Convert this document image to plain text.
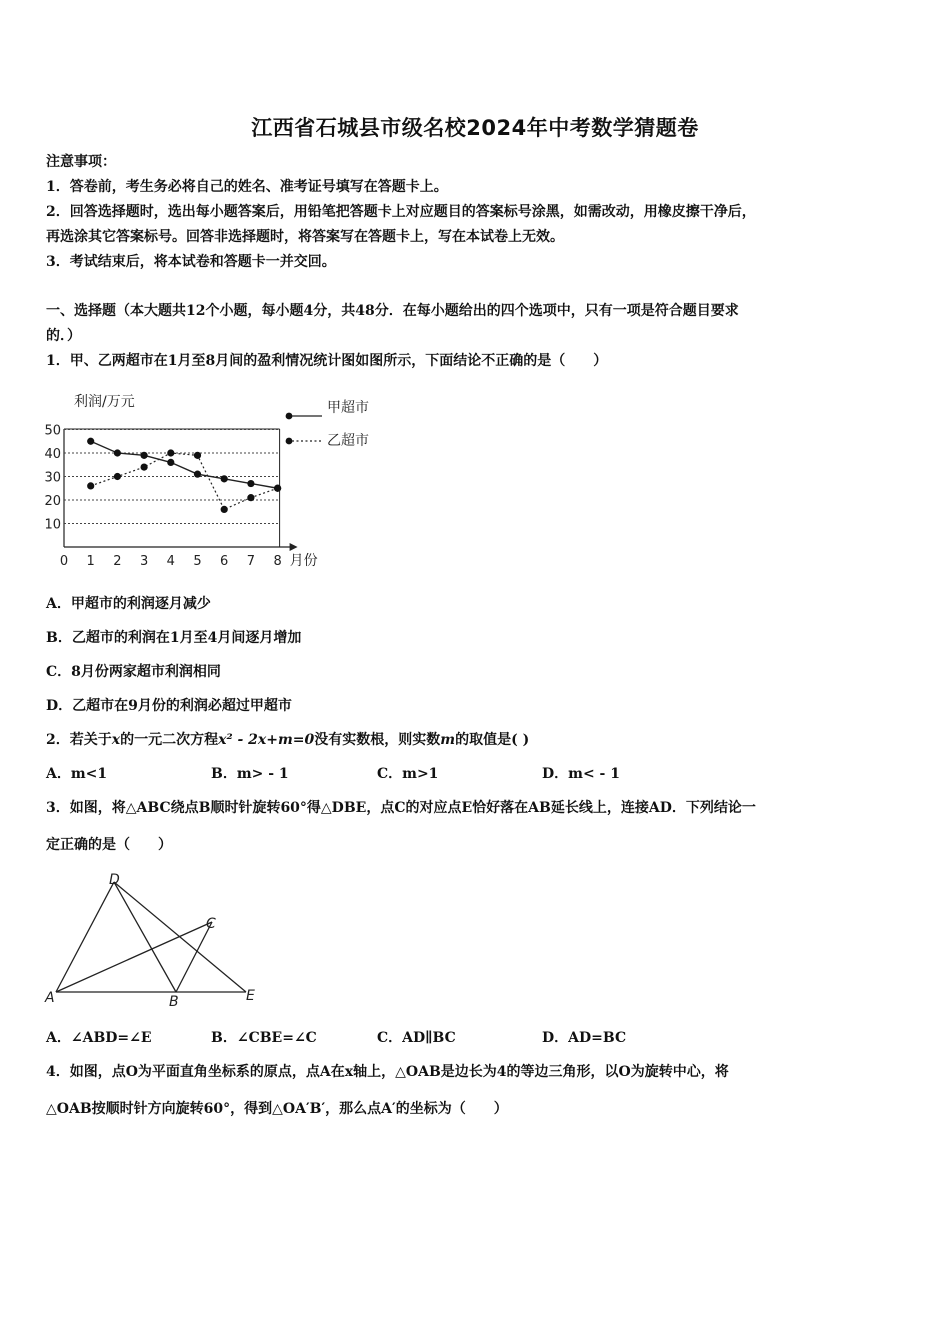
江西省石城县市级名校2024年中考数学猜题卷
注意事项：
1．答卷前，考生务必将自己的姓名、准考证号填写在答题卡上。
2．回答选择题时，选出每小题答案后，用铅笔把答题卡上对应题目的答案标号涂黑，如需改动，用橡皮擦干净后，
再选涂其它答案标号。回答非选择题时，将答案写在答题卡上，写在本试卷上无效。
3．考试结束后，将本试卷和答题卡一并交回。
一、选择题（本大题共12个小题，每小题4分，共48分．在每小题给出的四个选项中，只有一项是符合题目要求
的．）
1．甲、乙两超市在1月至8月间的盈利情况统计图如图所示，下面结论不正确的是（　　）
10
20
30
40
50
0 1 2 3 4 5 6 7 8
利润/万元
月份
甲超市
乙超市
A．甲超市的利润逐月减少
B．乙超市的利润在1月至4月间逐月增加
C．8月份两家超市利润相同
D．乙超市在9月份的利润必超过甲超市
2．若关于x的一元二次方程x² - 2x+m=0没有实数根，则实数m的取值是( )
A．m<1	B．m> - 1	C．m>1	D．m< - 1
3．如图，将△ABC绕点B顺时针旋转60°得△DBE，点C的对应点E恰好落在AB延长线上，连接AD．下列结论一
定正确的是（　　）
D
C
A	B	E
A．∠ABD=∠E	B．∠CBE=∠C	C．AD∥BC	D．AD=BC
4．如图，点O为平面直角坐标系的原点，点A在x轴上，△OAB是边长为4的等边三角形，以O为旋转中心，将
△OAB按顺时针方向旋转60°，得到△OA′B′，那么点A′的坐标为（　　）
